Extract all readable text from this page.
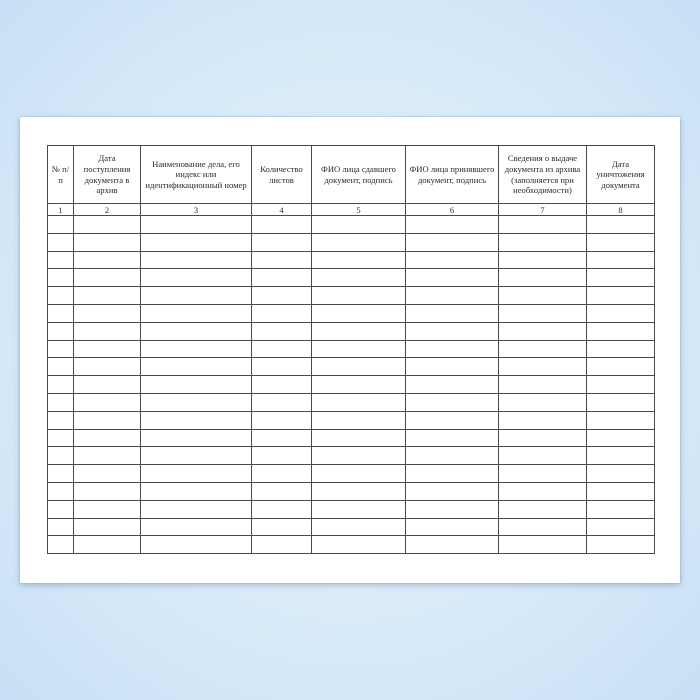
№ п/п	Дата поступления документа в архив	Наименование дела, его индекс или идентификационный номер	Количество листов	ФИО лица сдавшего документ, подпись	ФИО лица принявшего документ, подпись	Сведения о выдаче документа из архива (заполняется при необходимости)	Дата уничтожения документа
1	2	3	4	5	6	7	8
